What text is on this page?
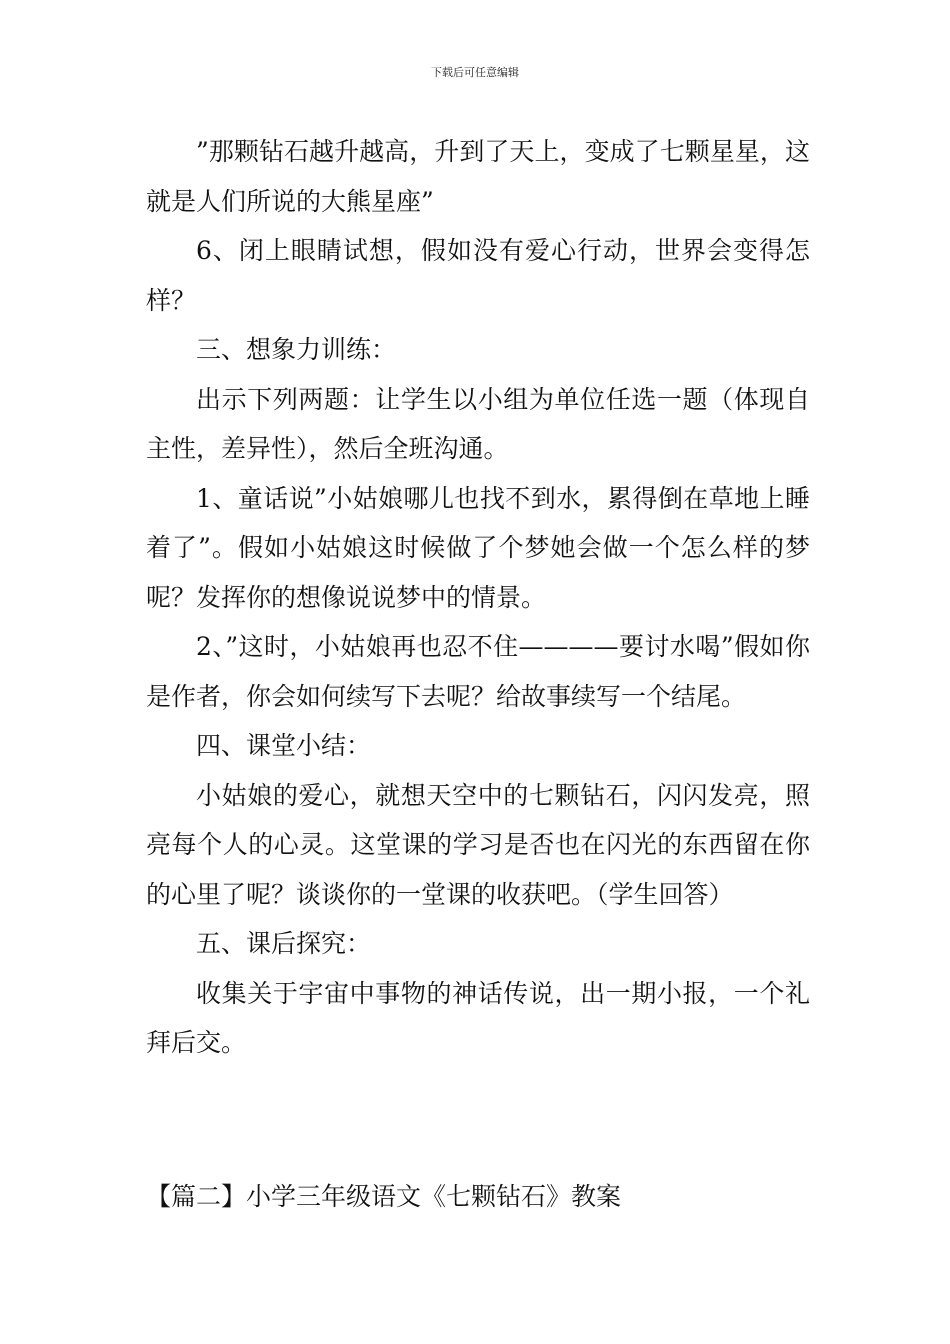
下载后可任意编辑

”那颗钻石越升越高，升到了天上，变成了七颗星星，这就是人们所说的大熊星座”

6、闭上眼睛试想，假如没有爱心行动，世界会变得怎样？

三、想象力训练：

出示下列两题：让学生以小组为单位任选一题（体现自主性，差异性），然后全班沟通。

1、童话说”小姑娘哪儿也找不到水，累得倒在草地上睡着了”。假如小姑娘这时候做了个梦她会做一个怎么样的梦呢？发挥你的想像说说梦中的情景。

2、”这时，小姑娘再也忍不住————要讨水喝”假如你是作者，你会如何续写下去呢？给故事续写一个结尾。

四、课堂小结：

小姑娘的爱心，就想天空中的七颗钻石，闪闪发亮，照亮每个人的心灵。这堂课的学习是否也在闪光的东西留在你的心里了呢？谈谈你的一堂课的收获吧。（学生回答）

五、课后探究：

收集关于宇宙中事物的神话传说，出一期小报，一个礼拜后交。

【篇二】小学三年级语文《七颗钻石》教案
